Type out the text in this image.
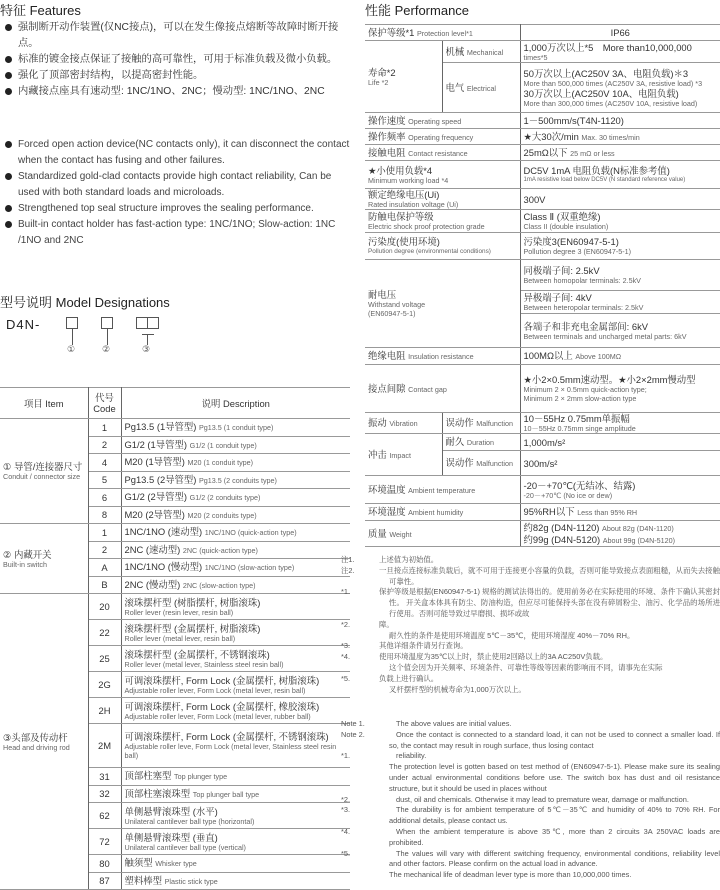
特征 Features
强制断开动作装置(仅NC接点)，可以在发生像接点熔断等故障时断开接点。
标准的镀金接点保证了接触的高可靠性，可用于标准负载及微小负载。
强化了顶部密封结构，以提高密封性能。
内藏接点座具有速动型: 1NC/1NO、2NC；慢动型: 1NC/1NO、2NC
Forced open action device(NC contacts only), it can disconnect the contact when the contact has fusing and other failures.
Standardized gold-clad contacts provide high contact reliability, Can be used with both standard loads and microloads.
Strengthened top seal structure improves the sealing performance.
Built-in contact holder has fast-action type: 1NC/1NO; Slow-action: 1NC /1NO and 2NC
型号说明 Model Designations
D4N-
①	②	③
项目 Item	代号
Code	说明 Description
① 导管/连接器尺寸
Conduit / connector size	1	Pg13.5 (1导管型) Pg13.5 (1 conduit type)
	2	G1/2 (1导管型) G1/2 (1 conduit type)
	4	M20 (1导管型) M20 (1 conduit type)
	5	Pg13.5 (2导管型) Pg13.5 (2 conduits type)
	6	G1/2 (2导管型) G1/2 (2 conduits type)
	8	M20 (2导管型) M20 (2 conduits type)
② 内藏开关
Built-in switch	1	1NC/1NO (速动型) 1NC/1NO (quick-action type)
	2	2NC (速动型) 2NC (quick-action type)
	A	1NC/1NO (慢动型) 1NC/1NO (slow-action type)
	B	2NC (慢动型) 2NC (slow-action type)
③头部及传动杆
Head and driving rod	20	滚珠摆杆型 (树脂摆杆, 树脂滚珠)
Roller lever (resin lever, resin ball)

	22	滚珠摆杆型 (金属摆杆, 树脂滚珠)
Roller lever (metal lever, resin ball)

	25	滚珠摆杆型 (金属摆杆, 不锈钢滚珠)
Roller lever (metal lever, Stainless steel resin ball)

	2G	可调滚珠摆杆, Form Lock (金属摆杆, 树脂滚珠)
Adjustable roller lever, Form Lock (metal lever, resin ball)

	2H	可调滚珠摆杆, Form Lock (金属摆杆, 橡胶滚珠)
Adjustable roller lever, Form Lock (metal lever, rubber ball)

	2M	可调滚珠摆杆, Form Lock (金属摆杆, 不锈钢滚珠)
Adjustable roller leve, Form Lock (metal lever, Stainless steel resin ball)

	31	顶部柱塞型 Top plunger type
	32	顶部柱塞滚珠型 Top plunger ball type
	62	单侧悬臂滚珠型 (水平)
Unilateral cantilever ball type (horizontal)

	72	单侧悬臂滚珠型 (垂直)
Unilateral cantilever ball type (vertical)

	80	触须型 Whisker type
	87	塑料棒型 Plastic stick type
性能 Performance
保护等级*1 Protection level*1		IP66
寿命*2
Life *2	机械 Mechanical	1,000万次以上*5　More than10,000,000
times*5

	电气 Electrical	50万次以上(AC250V 3A、电阻负载)＊3
More than 500,000 times (AC250V 3A, resistive load) *3
30万次以上(AC250V 10A、电阻负载)
More than 300,000 times (AC250V 10A, resistive load)

操作速度 Operating speed		1－500mm/s(T4N-1120)
操作频率 Operating frequency		★大30次/min Max. 30 times/min
接触电阻 Contact resistance		25mΩ以下 25 mΩ or less
★小使用负载*4
Minimum working load *4		DC5V 1mA 电阻负载(N标准参考值)
1mA resistive load below DC5V (N standard reference value)

额定绝缘电压(Ui)
Rated insulation voltage (Ui)		300V
防触电保护等级
Electric shock proof protection grade		Class Ⅱ (双重绝缘)
Class II (double insulation)

污染度(使用环境)
Pollution degree (environmental conditions)		污染度3(EN60947-5-1)
Pollution degree 3 (EN60947-5-1)

耐电压
Withstand voltage
(EN60947-5-1)		同极端子间: 2.5kV
Between homopolar terminals: 2.5kV

		异极端子间: 4kV
Between heteropolar terminals: 2.5kV

		各端子和非充电金属部间: 6kV
Between terminals and uncharged metal parts: 6kV

绝缘电阻 Insulation resistance		100MΩ以上 Above 100MΩ
接点间隙 Contact gap		★小2×0.5mm速动型。★小2×2mm慢动型
Minimum 2 × 0.5mm quick-action type;
Minimum 2 × 2mm slow-action type

振动 Vibration	误动作 Malfunction	10－55Hz 0.75mm单振幅
10－55Hz 0.75mm singe amplitude

冲击 Impact	耐久 Duration	1,000m/s²
	误动作 Malfunction	300m/s²
环境温度 Ambient temperature		-20－+70℃(无结冰、结露)
-20－+70℃ (No ice or dew)

环境湿度 Ambient humidity		95%RH以下 Less than 95% RH
质量 Weight		约82g (D4N-1120) About 82g (D4N-1120)
约99g (D4N-5120) About 99g (D4N-5120)

注1.	上述值为初始值。

注2.	一旦接点连接标准负载后，就不可用于连接更小容量的负载，否则可能导致接点表面粗糙，从而失去接触可靠性。

*1.	保护等级是根据(EN60947-5-1) 规格的测试法得出的。使用前务必在实际使用的环境、条件下确认其密封性。 开关盒本体具有防尘、防油构造，但应尽可能保持头部在没有碎屑粉尘、油污、化学品的场所进行使用。否则可能导致过早磨损、损坏或故

*2.	障。

耐久性的条件是使用环境温度 5℃－35℃，使用环境湿度 40%－70% RH。

*3.	其他详细条件请另行查询。

*4.	使用环境温度为35℃以上时，禁止使用2回路以上的3A AC250V负载。

这个值会因为开关频率、环境条件、可靠性等级等因素的影响而不同，请事先在实际

*5.	负载上进行确认。

叉杆摆杆型的机械寿命为1,000万次以上。

Note 1.	The above values are initial values.

Note 2.	Once the contact is connected to a standard load, it can not be used to connect a smaller load. If so, the contact may result in rough surface, thus losing contact

*1.	reliability.

The protection level is gotten based on test method of (EN60947-5-1). Please make sure its sealing under actual environmental conditions before use. The switch box has dust and oil resistance structure, but it should be used in places without

*2.	dust, oil and chemicals. Otherwise it may lead to premature wear, damage or malfunction.

*3.	The durability is for ambient temperature of 5℃－35℃ and humidity of 40% to 70% RH. For additional details, please contact us.

*4.	When the ambient temperature is above 35℃, more than 2 circuits 3A 250VAC loads are prohibited.

*5.	The values will vary with different switching frequency, environmental conditions, reliability level and other factors. Please confirm on the actual load in advance.

The mechanical life of deadman lever type is more than 10,000,000 times.
